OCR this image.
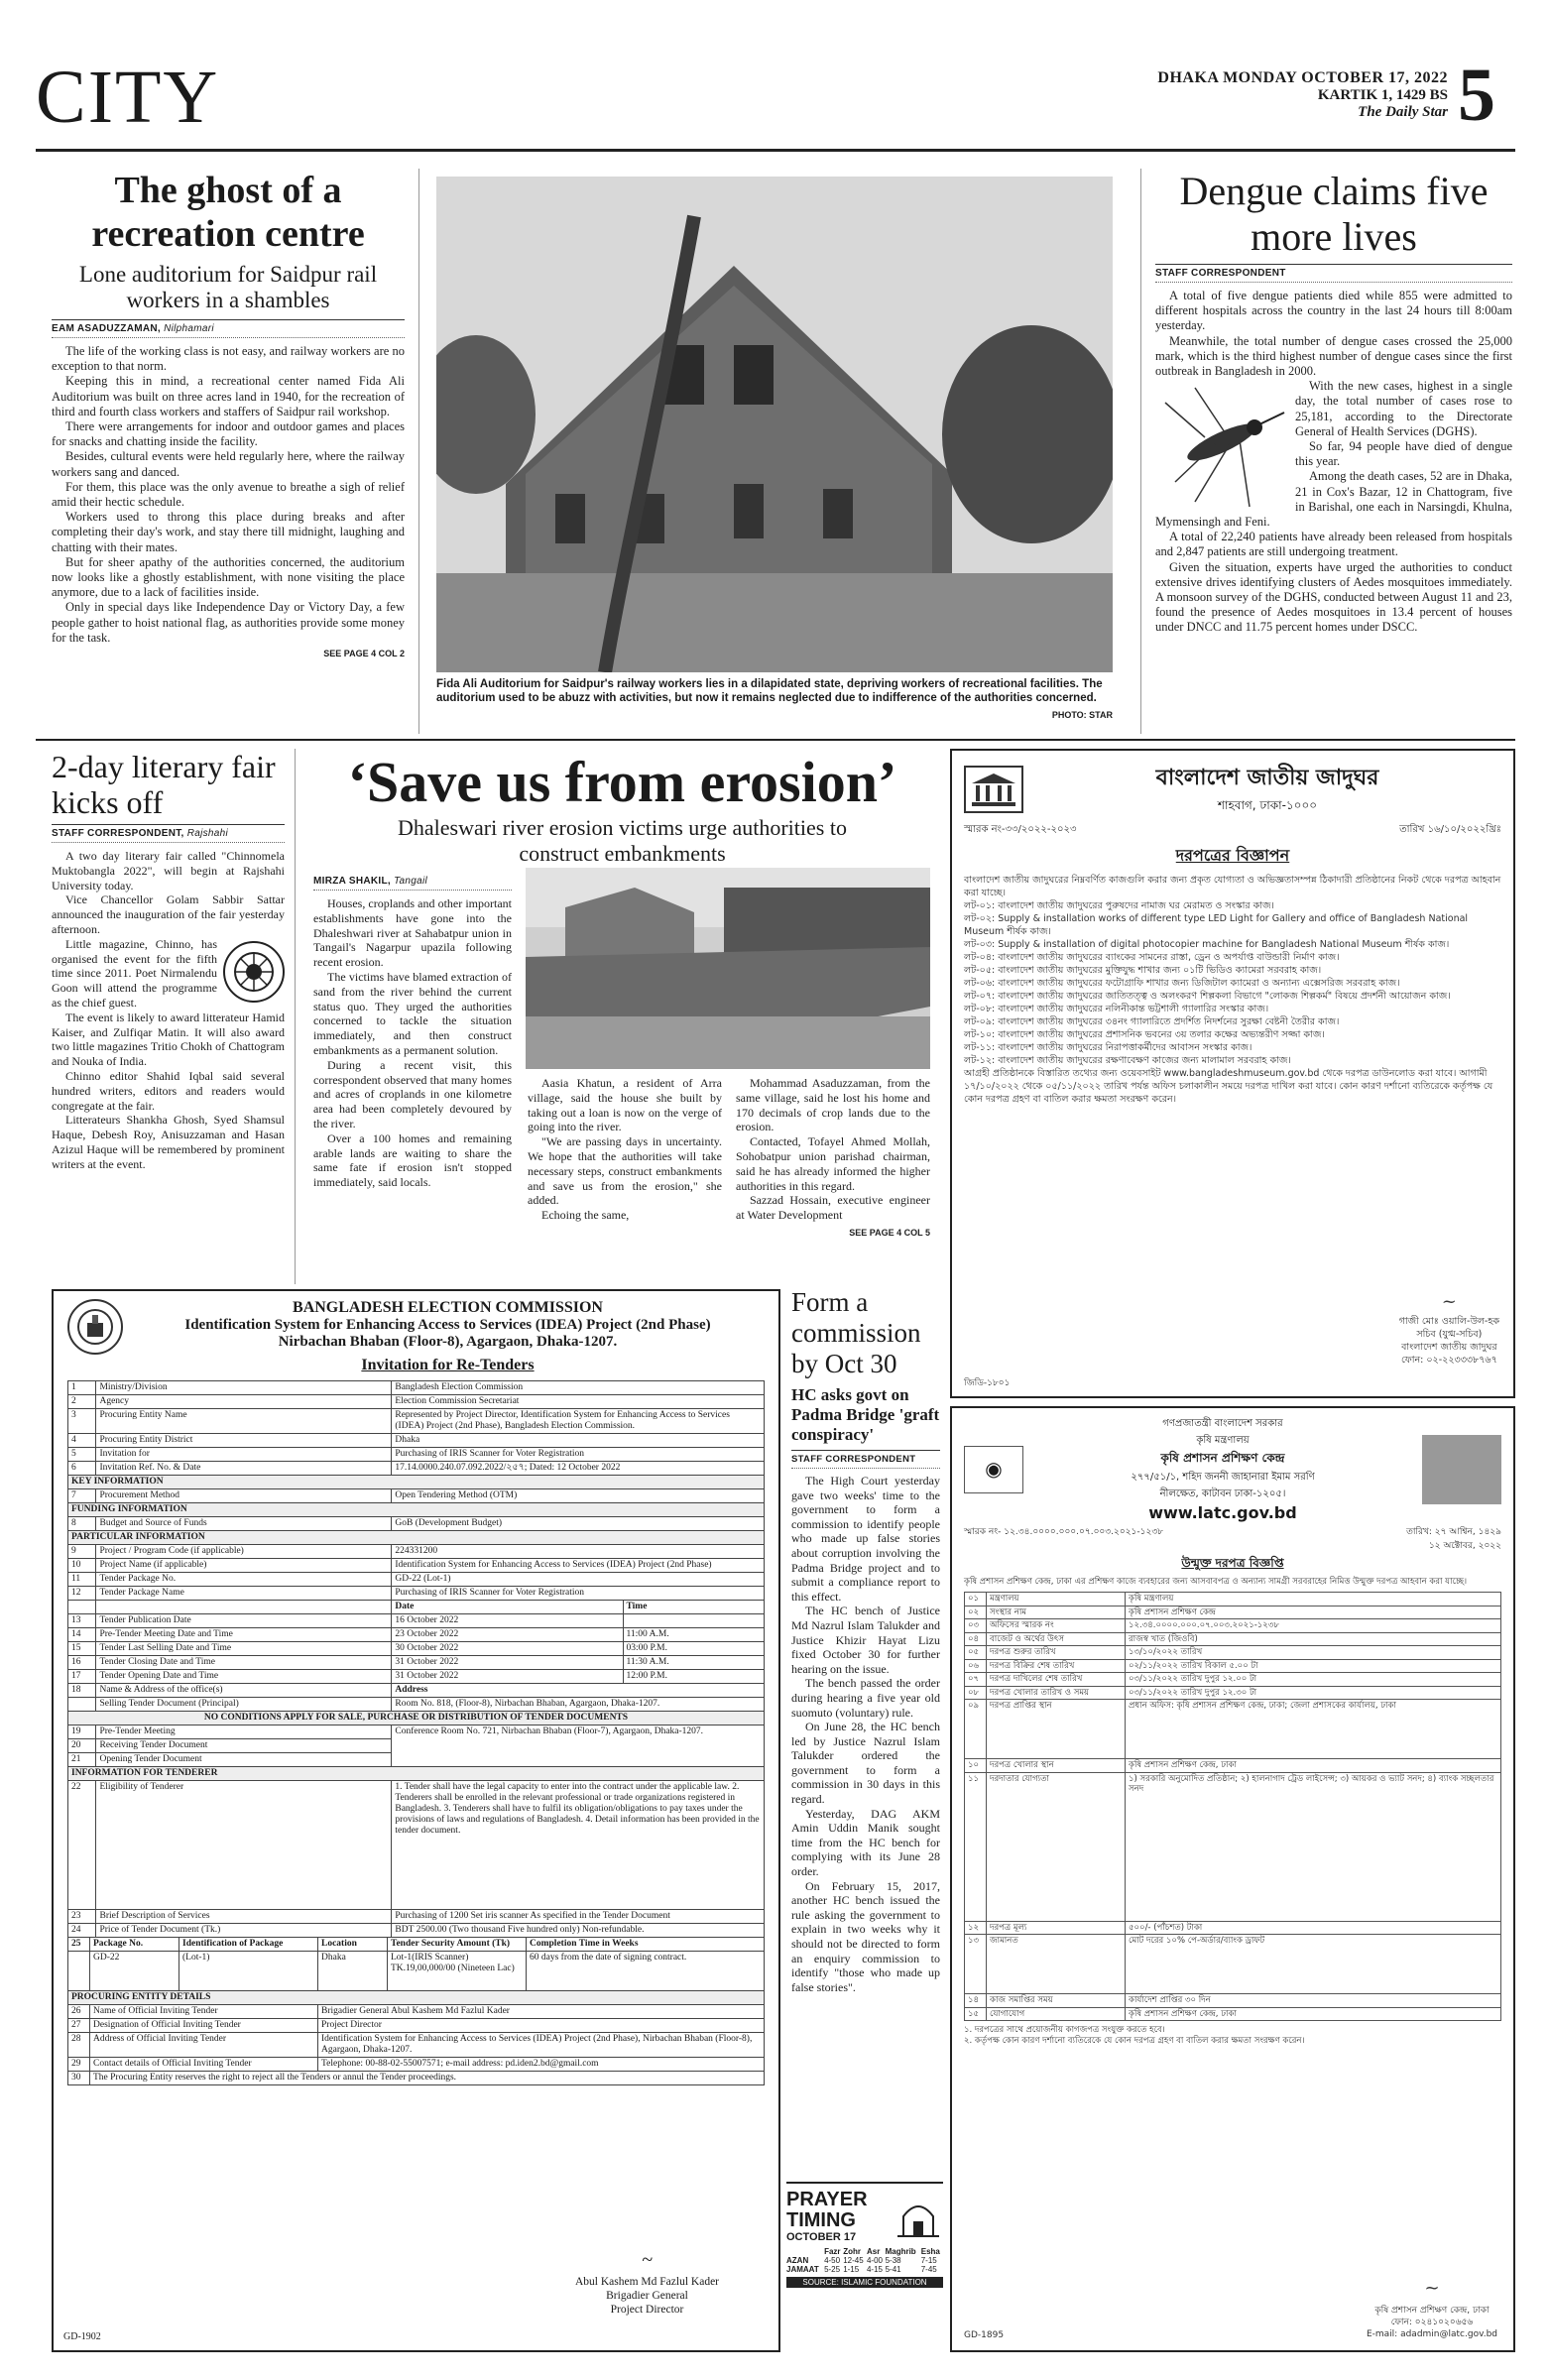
CITY	DHAKA MONDAY OCTOBER 17, 2022
KARTIK 1, 1429 BS
The Daily Star 5
The ghost of a recreation centre
Lone auditorium for Saidpur rail workers in a shambles
EAM ASADUZZAMAN, Nilphamari

The life of the working class is not easy, and railway workers are no exception to that norm.

Keeping this in mind, a recreational center named Fida Ali Auditorium was built on three acres land in 1940, for the recreation of third and fourth class workers and staffers of Saidpur rail workshop.

There were arrangements for indoor and outdoor games and places for snacks and chatting inside the facility.

Besides, cultural events were held regularly here, where the railway workers sang and danced.

For them, this place was the only avenue to breathe a sigh of relief amid their hectic schedule.

Workers used to throng this place during breaks and after completing their day's work, and stay there till midnight, laughing and chatting with their mates.

But for sheer apathy of the authorities concerned, the auditorium now looks like a ghostly establishment, with none visiting the place anymore, due to a lack of facilities inside.

Only in special days like Independence Day or Victory Day, a few people gather to hoist national flag, as authorities provide some money for the task.

SEE PAGE 4 COL 2
Fida Ali Auditorium for Saidpur's railway workers lies in a dilapidated state, depriving workers of recreational facilities. The auditorium used to be abuzz with activities, but now it remains neglected due to indifference of the authorities concerned.
PHOTO: STAR
Dengue claims five more lives
STAFF CORRESPONDENT

A total of five dengue patients died while 855 were admitted to different hospitals across the country in the last 24 hours till 8:00am yesterday.

Meanwhile, the total number of dengue cases crossed the 25,000 mark, which is the third highest number of dengue cases since the first outbreak in Bangladesh in 2000.

With the new cases, highest in a single day, the total number of cases rose to 25,181, according to the Directorate General of Health Services (DGHS).

So far, 94 people have died of dengue this year.

Among the death cases, 52 are in Dhaka, 21 in Cox's Bazar, 12 in Chattogram, five in Barishal, one each in Narsingdi, Khulna, Mymensingh and Feni.

A total of 22,240 patients have already been released from hospitals and 2,847 patients are still undergoing treatment.

Given the situation, experts have urged the authorities to conduct extensive drives identifying clusters of Aedes mosquitoes immediately. A monsoon survey of the DGHS, conducted between August 11 and 23, found the presence of Aedes mosquitoes in 13.4 percent of houses under DNCC and 11.75 percent homes under DSCC.

2-day literary fair kicks off
STAFF CORRESPONDENT, Rajshahi

A two day literary fair called "Chinnomela Muktobangla 2022", will begin at Rajshahi University today.

Vice Chancellor Golam Sabbir Sattar announced the inauguration of the fair yesterday afternoon.

Little magazine, Chinno, has organised the event for the fifth time since 2011. Poet Nirmalendu Goon will attend the programme as the chief guest.

The event is likely to award litterateur Hamid Kaiser, and Zulfiqar Matin. It will also award two little magazines Tritio Chokh of Chattogram and Nouka of India.

Chinno editor Shahid Iqbal said several hundred writers, editors and readers would congregate at the fair.

Litterateurs Shankha Ghosh, Syed Shamsul Haque, Debesh Roy, Anisuzzaman and Hasan Azizul Haque will be remembered by prominent writers at the event.

‘Save us from erosion’
Dhaleswari river erosion victims urge authorities to construct embankments
MIRZA SHAKIL, Tangail

Houses, croplands and other important establishments have gone into the Dhaleshwari river at Sahabatpur union in Tangail's Nagarpur upazila following recent erosion.

The victims have blamed extraction of sand from the river behind the current status quo. They urged the authorities concerned to tackle the situation immediately, and then construct embankments as a permanent solution.

During a recent visit, this correspondent observed that many homes and acres of croplands in one kilometre area had been completely devoured by the river.

Over a 100 homes and remaining arable lands are waiting to share the same fate if erosion isn't stopped immediately, said locals.

Aasia Khatun, a resident of Arra village, said the house she built by taking out a loan is now on the verge of going into the river.

"We are passing days in uncertainty. We hope that the authorities will take necessary steps, construct embankments and save us from the erosion," she added.

Echoing the same,

Mohammad Asaduzzaman, from the same village, said he lost his home and 170 decimals of crop lands due to the erosion.

Contacted, Tofayel Ahmed Mollah, Sohobatpur union parishad chairman, said he has already informed the higher authorities in this regard.

Sazzad Hossain, executive engineer at Water Development

SEE PAGE 4 COL 5
বাংলাদেশ জাতীয় জাদুঘর
শাহবাগ, ঢাকা-১০০০
স্মারক নং-৩৩/২০২২-২০২৩	তারিখ ১৬/১০/২০২২খ্রিঃ
দরপত্রের বিজ্ঞাপন
বাংলাদেশ জাতীয় জাদুঘরের নিম্নবর্ণিত কাজগুলি করার জন্য প্রকৃত যোগ্যতা ও অভিজ্ঞতাসম্পন্ন ঠিকাদারী প্রতিষ্ঠানের নিকট থেকে দরপত্র আহবান করা যাচ্ছে।
লট-০১: বাংলাদেশ জাতীয় জাদুঘরের পুরুষদের নামাজ ঘর মেরামত ও সংস্কার কাজ।
লট-০২: Supply & installation works of different type LED Light for Gallery and office of Bangladesh National Museum শীর্ষক কাজ।
লট-০৩: Supply & installation of digital photocopier machine for Bangladesh National Museum শীর্ষক কাজ।
লট-০৪: বাংলাদেশ জাতীয় জাদুঘরের ব্যাংকের সামনের রাস্তা, ড্রেন ও অপর্যাপ্ত বাউন্ডারী নির্মাণ কাজ।
লট-০৫: বাংলাদেশ জাতীয় জাদুঘরের মুক্তিযুদ্ধ শাখার জন্য ০১টি ভিডিও ক্যামেরা সরবরাহ কাজ।
লট-০৬: বাংলাদেশ জাতীয় জাদুঘরের ফটোগ্রাফি শাখার জন্য ডিজিটাল ক্যামেরা ও অন্যান্য এক্সেসরিজ সরবরাহ কাজ।
লট-০৭: বাংলাদেশ জাতীয় জাদুঘরের জাতিতত্ত্ব ও অলংকরণ শিল্পকলা বিভাগে "লোকজ শিল্পকর্ম" বিষয়ে প্রদর্শনী আয়োজন কাজ।
লট-০৮: বাংলাদেশ জাতীয় জাদুঘরের নলিনীকান্ত ভট্টশালী গ্যালারির সংস্কার কাজ।
লট-০৯: বাংলাদেশ জাতীয় জাদুঘরের ৩৪নং গ্যালারিতে প্রদর্শিত নিদর্শনের সুরক্ষা বেষ্টনী তৈরীর কাজ।
লট-১০: বাংলাদেশ জাতীয় জাদুঘরের প্রশাসনিক ভবনের ৩য় তলার কক্ষের অভ্যন্তরীণ সজ্জা কাজ।
লট-১১: বাংলাদেশ জাতীয় জাদুঘরের নিরাপত্তাকর্মীদের আবাসন সংস্কার কাজ।
লট-১২: বাংলাদেশ জাতীয় জাদুঘরের রক্ষণাবেক্ষণ কাজের জন্য মালামাল সরবরাহ কাজ।
আগ্রহী প্রতিষ্ঠানকে বিস্তারিত তথ্যের জন্য ওয়েবসাইট www.bangladeshmuseum.gov.bd থেকে দরপত্র ডাউনলোড করা যাবে। আগামী ১৭/১০/২০২২ থেকে ০৫/১১/২০২২ তারিখ পর্যন্ত অফিস চলাকালীন সময়ে দরপত্র দাখিল করা যাবে। কোন কারণ দর্শানো ব্যতিরেকে কর্তৃপক্ষ যে কোন দরপত্র গ্রহণ বা বাতিল করার ক্ষমতা সংরক্ষণ করেন।
~
গাজী মোঃ ওয়ালি-উল-হক
সচিব (যুগ্ম-সচিব)
বাংলাদেশ জাতীয় জাদুঘর
ফোন: ০২-২২৩৩৩৮৭৬৭
জিডি-১৮০১
BANGLADESH ELECTION COMMISSION
Identification System for Enhancing Access to Services (IDEA) Project (2nd Phase)
Nirbachan Bhaban (Floor-8), Agargaon, Dhaka-1207.
Invitation for Re-Tenders
1	Ministry/Division	Bangladesh Election Commission	
2	Agency	Election Commission Secretariat	
3	Procuring Entity Name	Represented by Project Director, Identification System for Enhancing Access to Services (IDEA) Project (2nd Phase), Bangladesh Election Commission.	
4	Procuring Entity District	Dhaka	
5	Invitation for	Purchasing of IRIS Scanner for Voter Registration	
6	Invitation Ref. No. & Date	17.14.0000.240.07.092.2022/২৫৭; Dated: 12 October 2022	
KEY INFORMATION			
7	Procurement Method	Open Tendering Method (OTM)	
FUNDING INFORMATION			
8	Budget and Source of Funds	GoB (Development Budget)	
PARTICULAR INFORMATION			
9	Project / Program Code (if applicable)	224331200	
10	Project Name (if applicable)	Identification System for Enhancing Access to Services (IDEA) Project (2nd Phase)	
11	Tender Package No.	GD-22 (Lot-1)	
12	Tender Package Name	Purchasing of IRIS Scanner for Voter Registration	
		Date	Time
13	Tender Publication Date	16 October 2022	
14	Pre-Tender Meeting Date and Time	23 October 2022	11:00 A.M.
15	Tender Last Selling Date and Time	30 October 2022	03:00 P.M.
16	Tender Closing Date and Time	31 October 2022	11:30 A.M.
17	Tender Opening Date and Time	31 October 2022	12:00 P.M.
18	Name & Address of the office(s)	Address	
	Selling Tender Document (Principal)	Room No. 818, (Floor-8), Nirbachan Bhaban, Agargaon, Dhaka-1207.	
NO CONDITIONS APPLY FOR SALE, PURCHASE OR DISTRIBUTION OF TENDER DOCUMENTS			
19	Pre-Tender Meeting	Conference Room No. 721, Nirbachan Bhaban (Floor-7), Agargaon, Dhaka-1207.	
20	Receiving Tender Document		
21	Opening Tender Document		
INFORMATION FOR TENDERER			
22	Eligibility of Tenderer	1. Tender shall have the legal capacity to enter into the contract under the applicable law. 2. Tenderers shall be enrolled in the relevant professional or trade organizations registered in Bangladesh. 3. Tenderers shall have to fulfil its obligation/obligations to pay taxes under the provisions of laws and regulations of Bangladesh. 4. Detail information has been provided in the tender document.	
23	Brief Description of Services	Purchasing of 1200 Set iris scanner As specified in the Tender Document	
24	Price of Tender Document (Tk.)	BDT 2500.00 (Two thousand Five hundred only) Non-refundable.	
25	Package No.	Identification of Package	Location	Tender Security Amount (Tk)	Completion Time in Weeks
	GD-22	(Lot-1)	Dhaka	Lot-1(IRIS Scanner) TK.19,00,000/00 (Nineteen Lac)	60 days from the date of signing contract.
PROCURING ENTITY DETAILS		
26	Name of Official Inviting Tender	Brigadier General Abul Kashem Md Fazlul Kader
27	Designation of Official Inviting Tender	Project Director
28	Address of Official Inviting Tender	Identification System for Enhancing Access to Services (IDEA) Project (2nd Phase), Nirbachan Bhaban (Floor-8), Agargaon, Dhaka-1207.
29	Contact details of Official Inviting Tender	Telephone: 00-88-02-55007571; e-mail address: pd.iden2.bd@gmail.com
30	The Procuring Entity reserves the right to reject all the Tenders or annul the Tender proceedings.	
~
Abul Kashem Md Fazlul Kader
Brigadier General
Project Director
GD-1902
Form a commission by Oct 30
HC asks govt on Padma Bridge 'graft conspiracy'
STAFF CORRESPONDENT

The High Court yesterday gave two weeks' time to the government to form a commission to identify people who made up false stories about corruption involving the Padma Bridge project and to submit a compliance report to this effect.

The HC bench of Justice Md Nazrul Islam Talukder and Justice Khizir Hayat Lizu fixed October 30 for further hearing on the issue.

The bench passed the order during hearing a five year old suomuto (voluntary) rule.

On June 28, the HC bench led by Justice Nazrul Islam Talukder ordered the government to form a commission in 30 days in this regard.

Yesterday, DAG AKM Amin Uddin Manik sought time from the HC bench for complying with its June 28 order.

On February 15, 2017, another HC bench issued the rule asking the government to explain in two weeks why it should not be directed to form an enquiry commission to identify "those who made up false stories".

PRAYER
TIMING
OCTOBER 17
	Fazr	Zohr	Asr	Maghrib	Esha
AZAN	4-50	12-45	4-00	5-38	7-15
JAMAAT	5-25	1-15	4-15	5-41	7-45
SOURCE: ISLAMIC FOUNDATION
◉
গণপ্রজাতন্ত্রী বাংলাদেশ সরকার
কৃষি মন্ত্রণালয়
কৃষি প্রশাসন প্রশিক্ষণ কেন্দ্র
২৭৭/৫১/১, শহিদ জননী জাহানারা ইমাম সরণি
নীলক্ষেত, কাটাবন ঢাকা-১২০৫।
www.latc.gov.bd
স্মারক নং- ১২.৩৪.০০০০.০০০.০৭.০০৩.২০২১-১২৩৮	তারিখ: ২৭ আশ্বিন, ১৪২৯
১২ অক্টোবর, ২০২২
উন্মুক্ত দরপত্র বিজ্ঞপ্তি
কৃষি প্রশাসন প্রশিক্ষণ কেন্দ্র, ঢাকা এর প্রশিক্ষণ কাজে ব্যবহারের জন্য আসবাবপত্র ও অন্যান্য সামগ্রী সরবরাহের নিমিত্ত উন্মুক্ত দরপত্র আহবান করা যাচ্ছে।
০১	মন্ত্রণালয়	কৃষি মন্ত্রণালয়
০২	সংস্থার নাম	কৃষি প্রশাসন প্রশিক্ষণ কেন্দ্র
০৩	অফিসের স্মারক নং	১২.৩৪.০০০০.০০০.০৭.০০৩.২০২১-১২৩৮
০৪	বাজেট ও অর্থের উৎস	রাজস্ব খাত (জিওবি)
০৫	দরপত্র শুরুর তারিখ	১৩/১০/২০২২ তারিখ
০৬	দরপত্র বিক্রির শেষ তারিখ	০২/১১/২০২২ তারিখ বিকাল ৫.০০ টা
০৭	দরপত্র দাখিলের শেষ তারিখ	০৩/১১/২০২২ তারিখ দুপুর ১২.০০ টা
০৮	দরপত্র খোলার তারিখ ও সময়	০৩/১১/২০২২ তারিখ দুপুর ১২.৩০ টা
০৯	দরপত্র প্রাপ্তির স্থান	প্রধান অফিস: কৃষি প্রশাসন প্রশিক্ষণ কেন্দ্র, ঢাকা; জেলা প্রশাসকের কার্যালয়, ঢাকা
১০	দরপত্র খোলার স্থান	কৃষি প্রশাসন প্রশিক্ষণ কেন্দ্র, ঢাকা
১১	দরদাতার যোগ্যতা	১) সরকারি অনুমোদিত প্রতিষ্ঠান; ২) হালনাগাদ ট্রেড লাইসেন্স; ৩) আয়কর ও ভ্যাট সনদ; ৪) ব্যাংক সচ্ছলতার সনদ
১২	দরপত্র মূল্য	৫০০/- (পাঁচশত) টাকা
১৩	জামানত	মোট দরের ১০% পে-অর্ডার/ব্যাংক ড্রাফট
১৪	কাজ সমাপ্তির সময়	কার্যাদেশ প্রাপ্তির ৩০ দিন
১৫	যোগাযোগ	কৃষি প্রশাসন প্রশিক্ষণ কেন্দ্র, ঢাকা
১. দরপত্রের সাথে প্রয়োজনীয় কাগজপত্র সংযুক্ত করতে হবে।
২. কর্তৃপক্ষ কোন কারণ দর্শানো ব্যতিরেকে যে কোন দরপত্র গ্রহণ বা বাতিল করার ক্ষমতা সংরক্ষণ করেন।
~
কৃষি প্রশাসন প্রশিক্ষণ কেন্দ্র, ঢাকা
ফোন: ০২৪১০২০৬৫৬
E-mail: adadmin@latc.gov.bd
GD-1895
